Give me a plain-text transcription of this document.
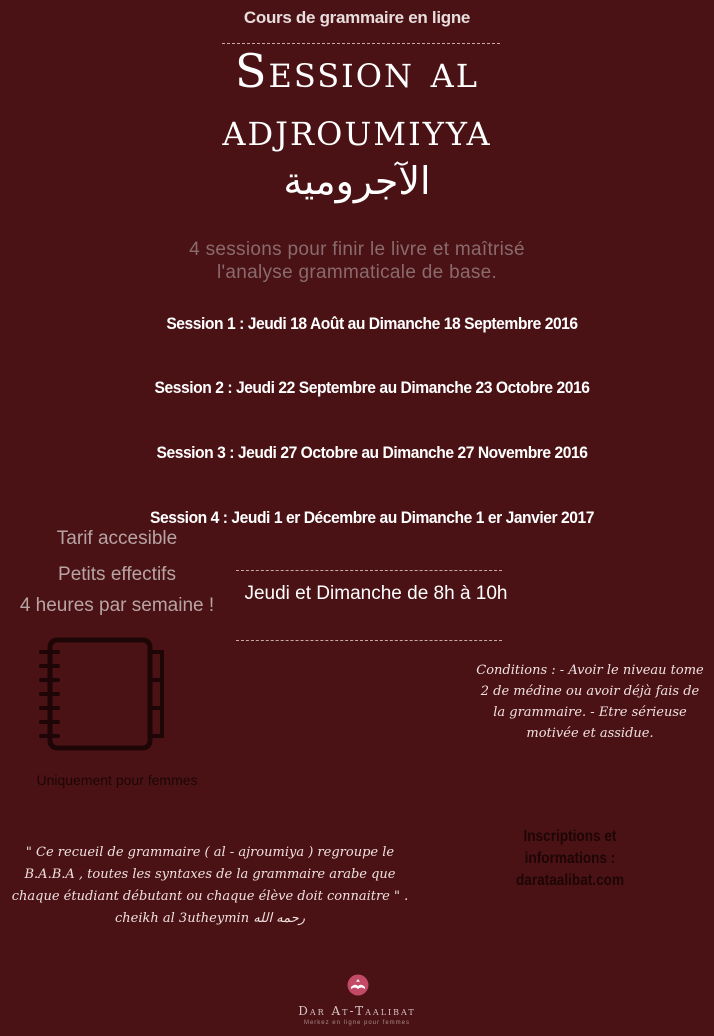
Cours de grammaire en ligne
Session al
adjroumiyya
الآجرومية
4 sessions pour finir le livre et maîtrisé l'analyse grammaticale de base.
Session 1 : Jeudi 18 Août au Dimanche 18 Septembre 2016
Session 2 : Jeudi 22 Septembre au Dimanche 23 Octobre 2016
Session 3 : Jeudi 27 Octobre au Dimanche 27 Novembre 2016
Session 4 : Jeudi 1 er Décembre au Dimanche 1 er Janvier 2017
Tarif accesible
Petits effectifs
4 heures par semaine !
Jeudi et Dimanche de 8h à 10h
Uniquement pour femmes
Conditions : - Avoir le niveau tome 2 de médine ou avoir déjà fais de la grammaire. - Etre sérieuse motivée et assidue.
" Ce recueil de grammaire ( al - ajroumiya ) regroupe le B.A.B.A , toutes les syntaxes de la grammaire arabe que chaque étudiant débutant ou chaque élève doit connaitre " . cheikh al 3utheymin رحمه الله
Inscriptions et informations :
darataalibat.com
Dar At-Taalibat
Merkez en ligne pour femmes
